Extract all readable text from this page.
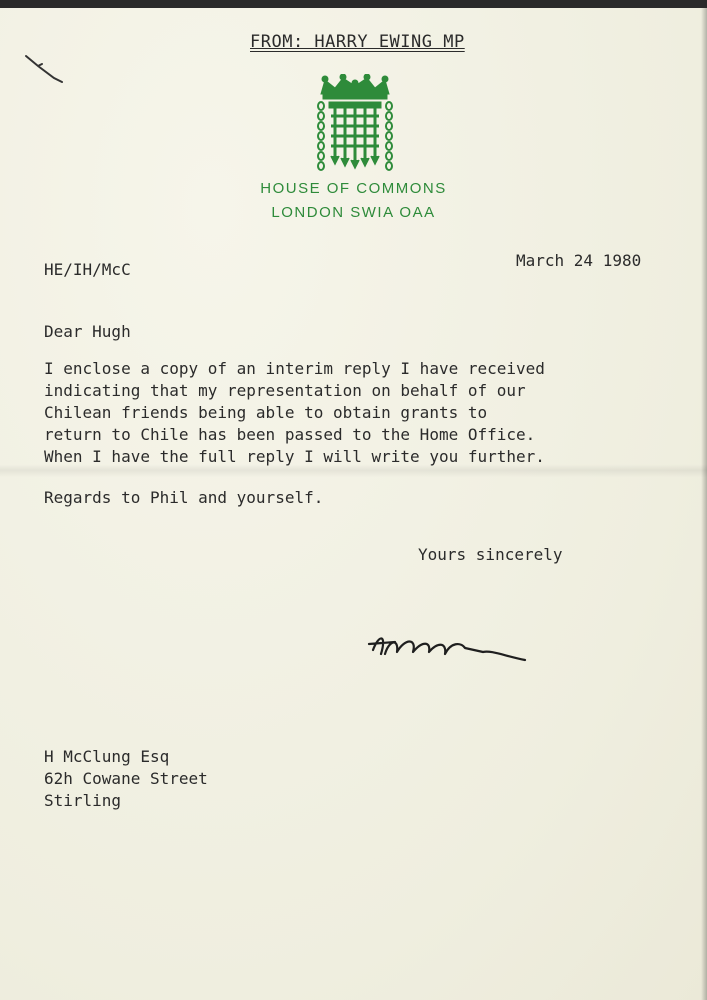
FROM: HARRY EWING MP
HOUSE OF COMMONS
LONDON SWIA OAA
HE/IH/McC	March 24 1980
Dear Hugh
I enclose a copy of an interim reply I have received
indicating that my representation on behalf of our
Chilean friends being able to obtain grants to
return to Chile has been passed to the Home Office.
When I have the full reply I will write you further.
Regards to Phil and yourself.
Yours sincerely
H McClung Esq
62h Cowane Street
Stirling
